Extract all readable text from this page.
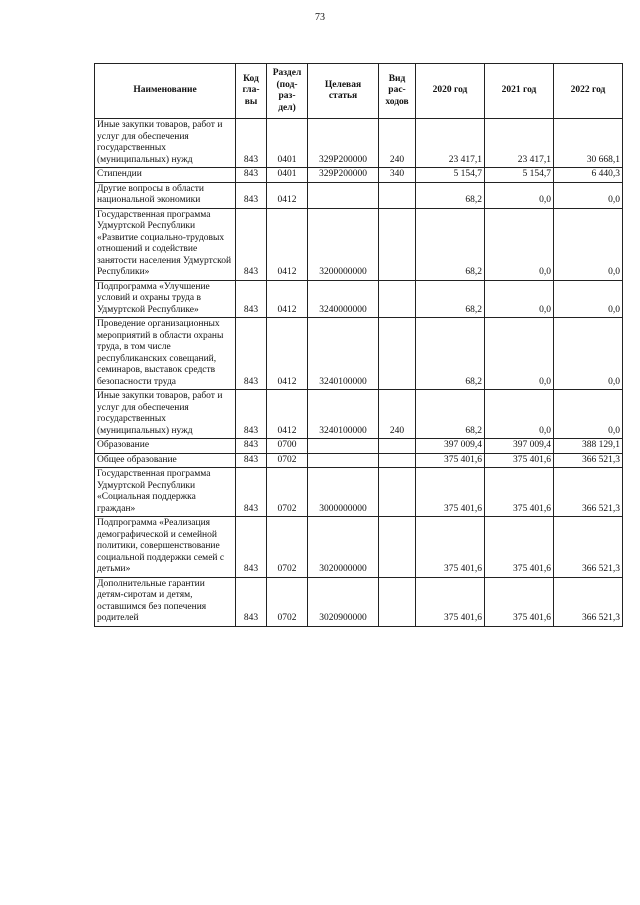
73
Наименование	Код гла- вы	Раздел (под- раз- дел)	Целевая статья	Вид рас- ходов	2020 год	2021 год	2022 год
Иные закупки товаров, работ и услуг для обеспечения государственных (муниципальных) нужд	843	0401	329P200000	240	23 417,1	23 417,1	30 668,1
Стипендии	843	0401	329P200000	340	5 154,7	5 154,7	6 440,3
Другие вопросы в области национальной экономики	843	0412			68,2	0,0	0,0
Государственная программа Удмуртской Республики «Развитие социально-трудовых отношений и содействие занятости населения Удмуртской Республики»	843	0412	3200000000		68,2	0,0	0,0
Подпрограмма «Улучшение условий и охраны труда в Удмуртской Республике»	843	0412	3240000000		68,2	0,0	0,0
Проведение организационных мероприятий в области охраны труда, в том числе республиканских совещаний, семинаров, выставок средств безопасности труда	843	0412	3240100000		68,2	0,0	0,0
Иные закупки товаров, работ и услуг для обеспечения государственных (муниципальных) нужд	843	0412	3240100000	240	68,2	0,0	0,0
Образование	843	0700			397 009,4	397 009,4	388 129,1
Общее образование	843	0702			375 401,6	375 401,6	366 521,3
Государственная программа Удмуртской Республики «Социальная поддержка граждан»	843	0702	3000000000		375 401,6	375 401,6	366 521,3
Подпрограмма «Реализация демографической и семейной политики, совершенствование социальной поддержки семей с детьми»	843	0702	3020000000		375 401,6	375 401,6	366 521,3
Дополнительные гарантии детям-сиротам и детям, оставшимся без попечения родителей	843	0702	3020900000		375 401,6	375 401,6	366 521,3
